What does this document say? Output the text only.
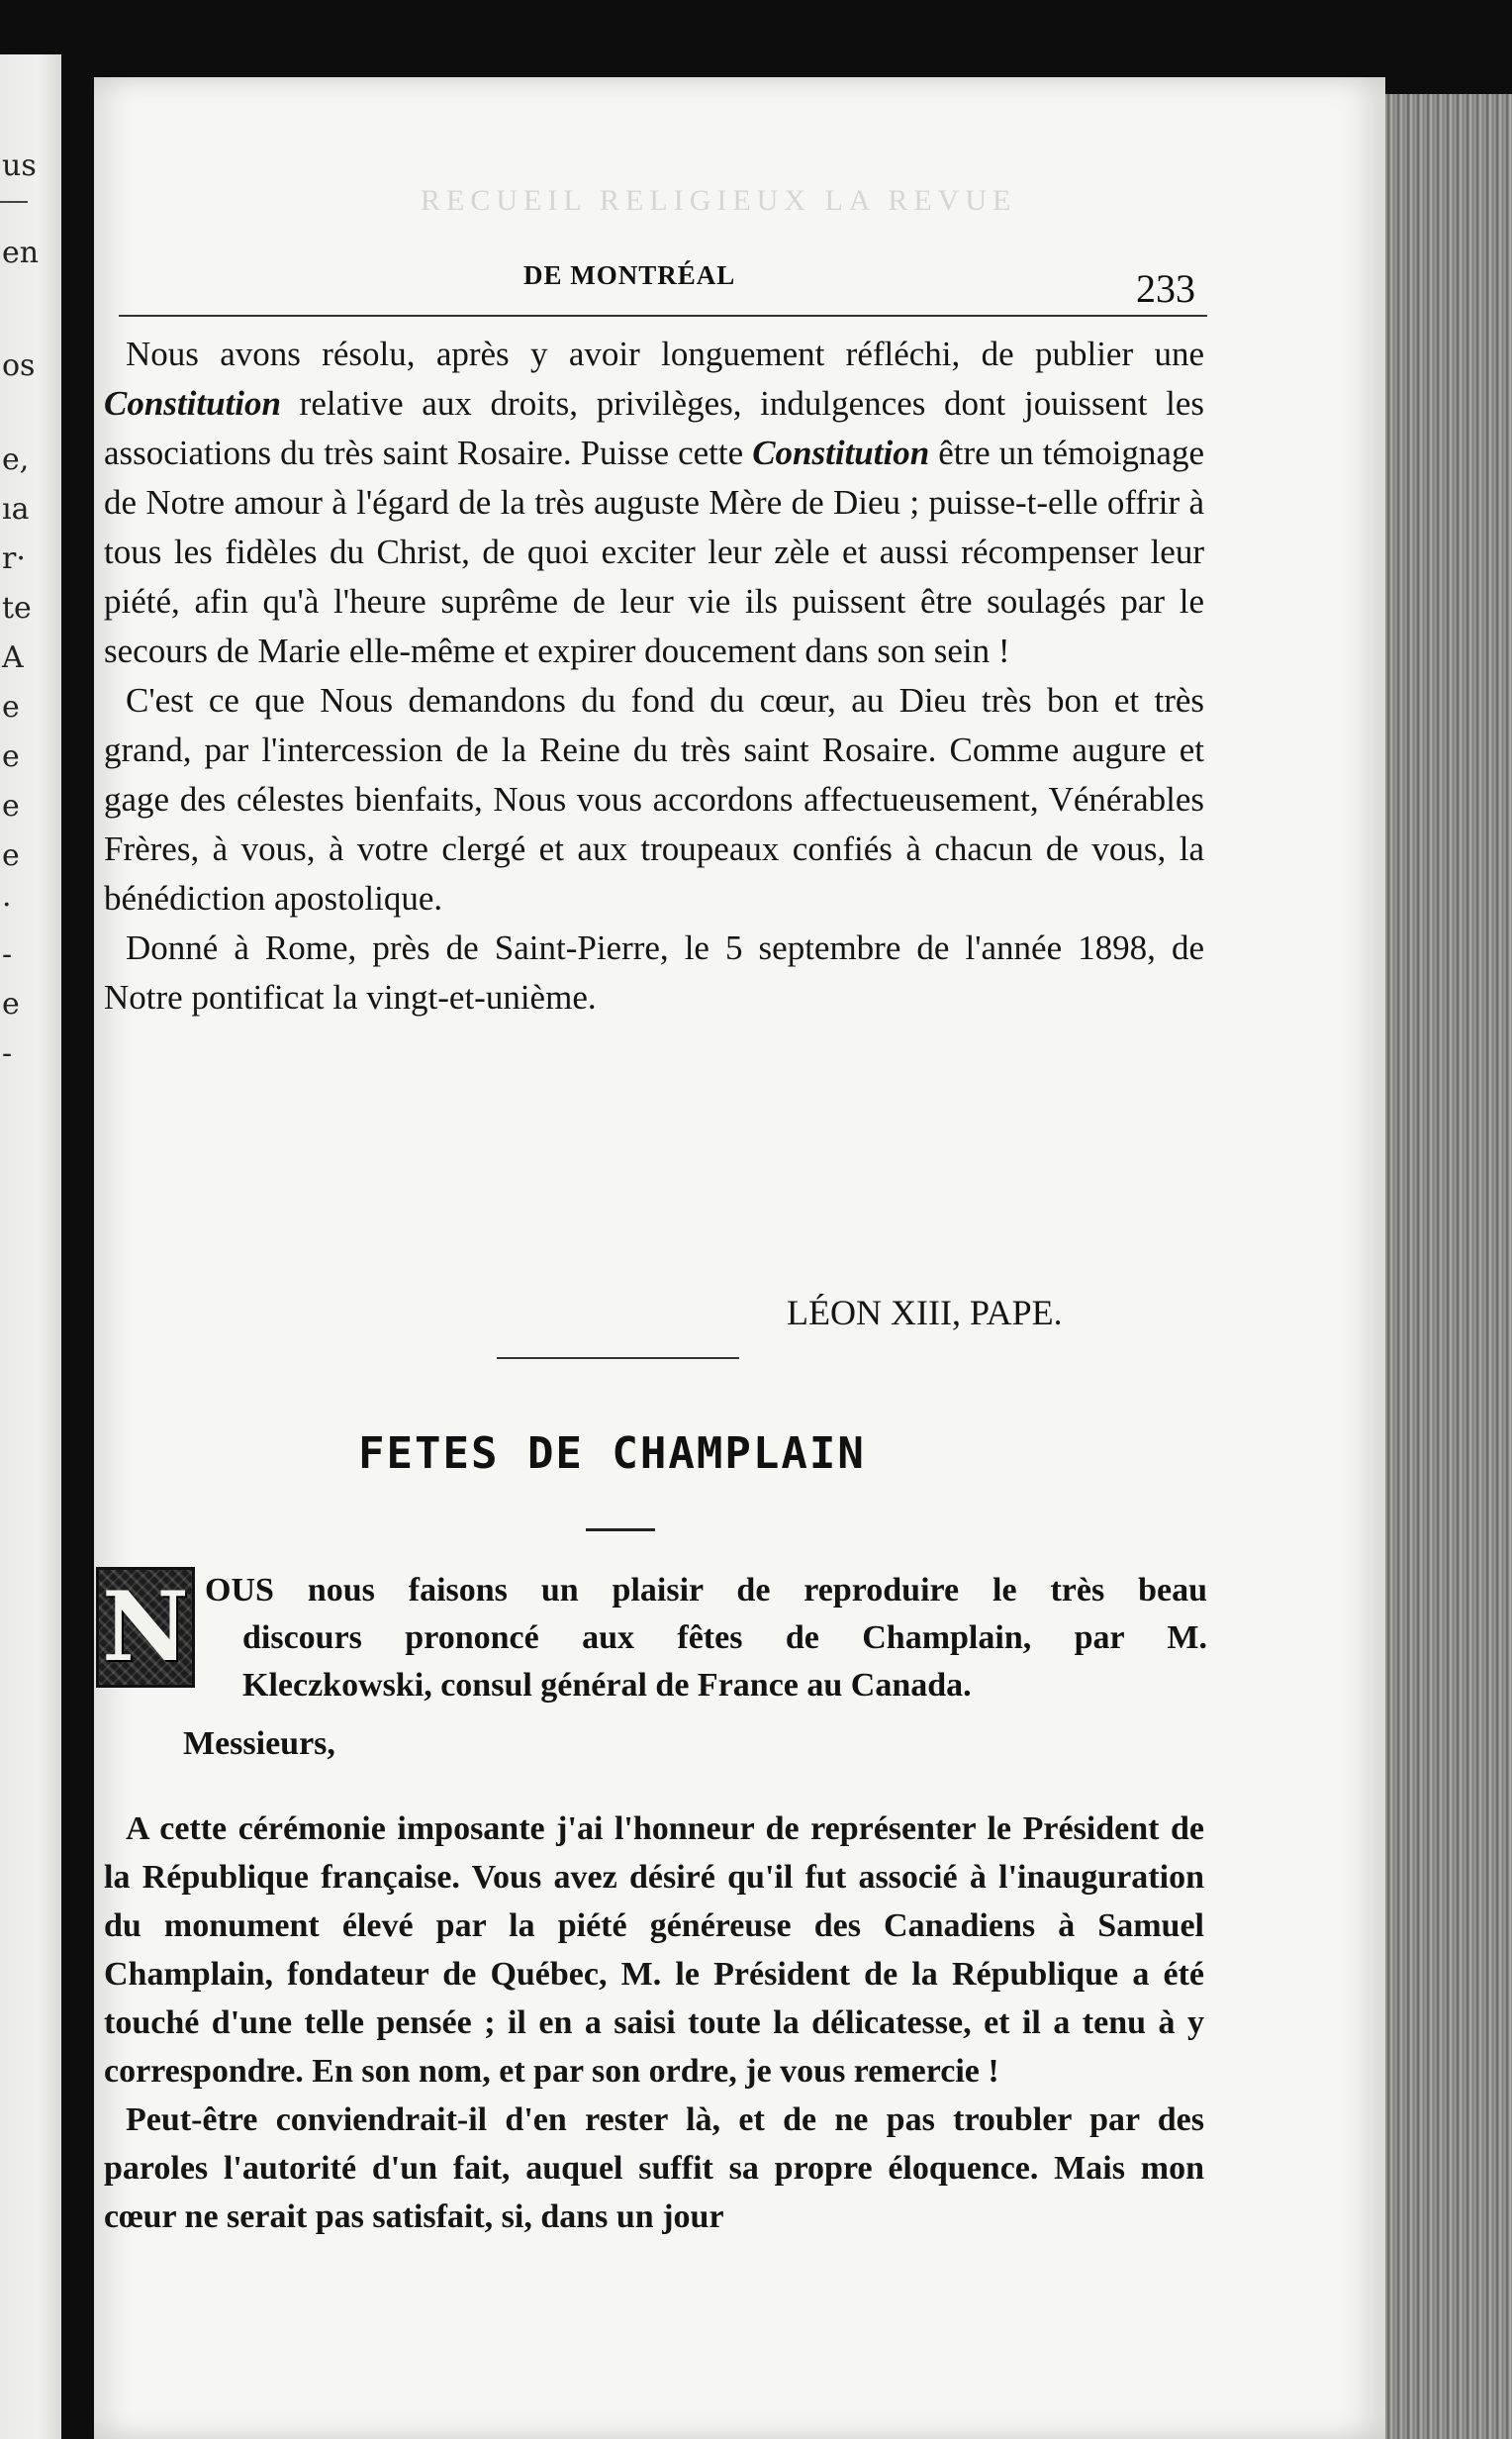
us
en
os
e,
ıa
r·
te
A
e
e
e
e
·
-
e
-
RECUEIL RELIGIEUX LA REVUE
DE MONTRÉAL	233

Nous avons résolu, après y avoir longuement réfléchi, de publier une Constitution relative aux droits, privilèges, indulgences dont jouissent les associations du très saint Rosaire. Puisse cette Constitution être un témoignage de Notre amour à l'égard de la très auguste Mère de Dieu ; puisse-t-elle offrir à tous les fidèles du Christ, de quoi exciter leur zèle et aussi récompenser leur piété, afin qu'à l'heure suprême de leur vie ils puissent être soulagés par le secours de Marie elle-même et expirer doucement dans son sein !

C'est ce que Nous demandons du fond du cœur, au Dieu très bon et très grand, par l'intercession de la Reine du très saint Rosaire. Comme augure et gage des célestes bienfaits, Nous vous accordons affectueusement, Vénérables Frères, à vous, à votre clergé et aux troupeaux confiés à chacun de vous, la bénédiction apostolique.

Donné à Rome, près de Saint-Pierre, le 5 septembre de l'année 1898, de Notre pontificat la vingt-et-unième.

LÉON XIII, PAPE.
FETES DE CHAMPLAIN
N OUS nous faisons un plaisir de reproduire le très beau
discours prononcé aux fêtes de Champlain, par M.
Kleczkowski, consul général de France au Canada.
Messieurs,

A cette cérémonie imposante j'ai l'honneur de représenter le Président de la République française. Vous avez désiré qu'il fut associé à l'inauguration du monument élevé par la piété généreuse des Canadiens à Samuel Champlain, fondateur de Québec, M. le Président de la République a été touché d'une telle pensée ; il en a saisi toute la délicatesse, et il a tenu à y correspondre. En son nom, et par son ordre, je vous remercie !

Peut-être conviendrait-il d'en rester là, et de ne pas troubler par des paroles l'autorité d'un fait, auquel suffit sa propre éloquence. Mais mon cœur ne serait pas satisfait, si, dans un jour
